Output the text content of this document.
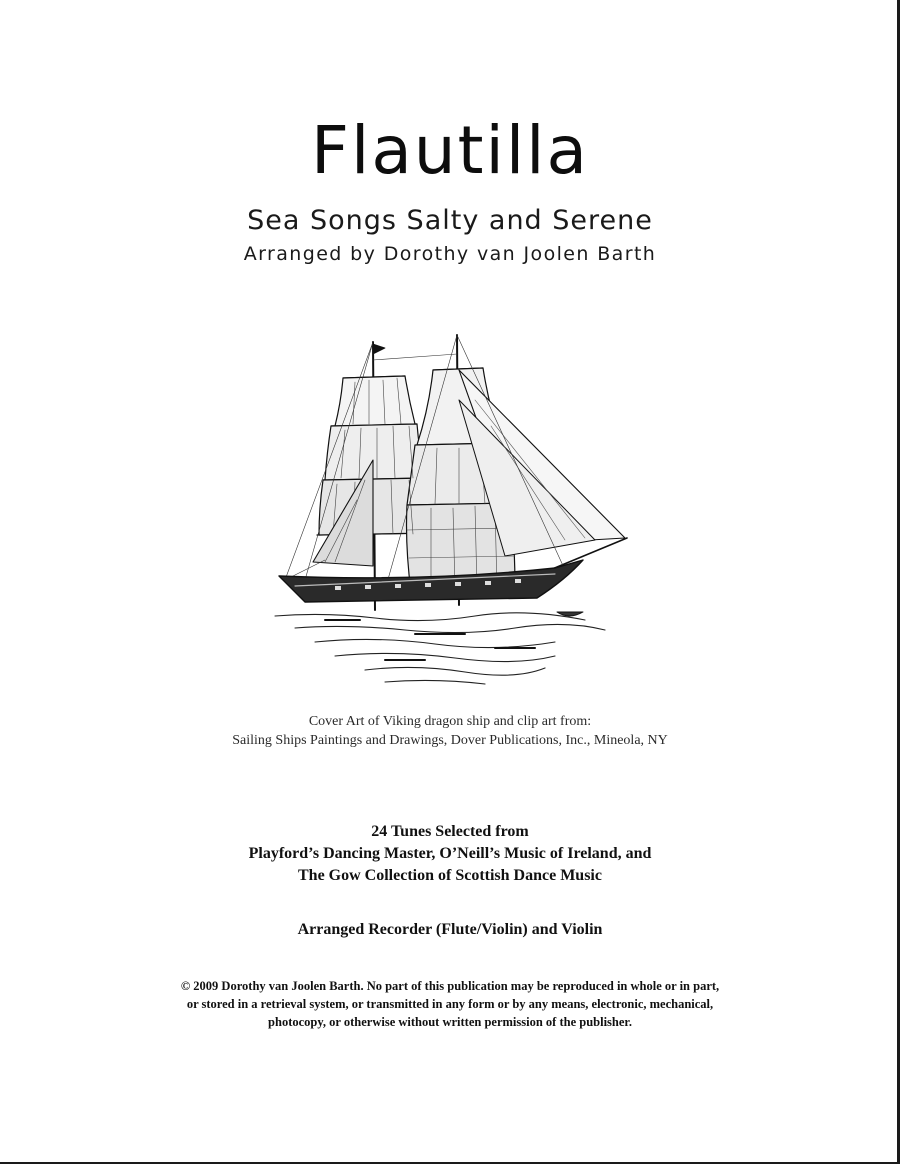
Flautilla
Sea Songs Salty and Serene
Arranged by Dorothy van Joolen Barth
Cover Art of Viking dragon ship and clip art from:
Sailing Ships Paintings and Drawings, Dover Publications, Inc., Mineola, NY
24 Tunes Selected from
Playford’s Dancing Master, O’Neill’s Music of Ireland, and
The Gow Collection of Scottish Dance Music
Arranged Recorder (Flute/Violin) and Violin
© 2009 Dorothy van Joolen Barth. No part of this publication may be reproduced in whole or in part,
or stored in a retrieval system, or transmitted in any form or by any means, electronic, mechanical,
photocopy, or otherwise without written permission of the publisher.
